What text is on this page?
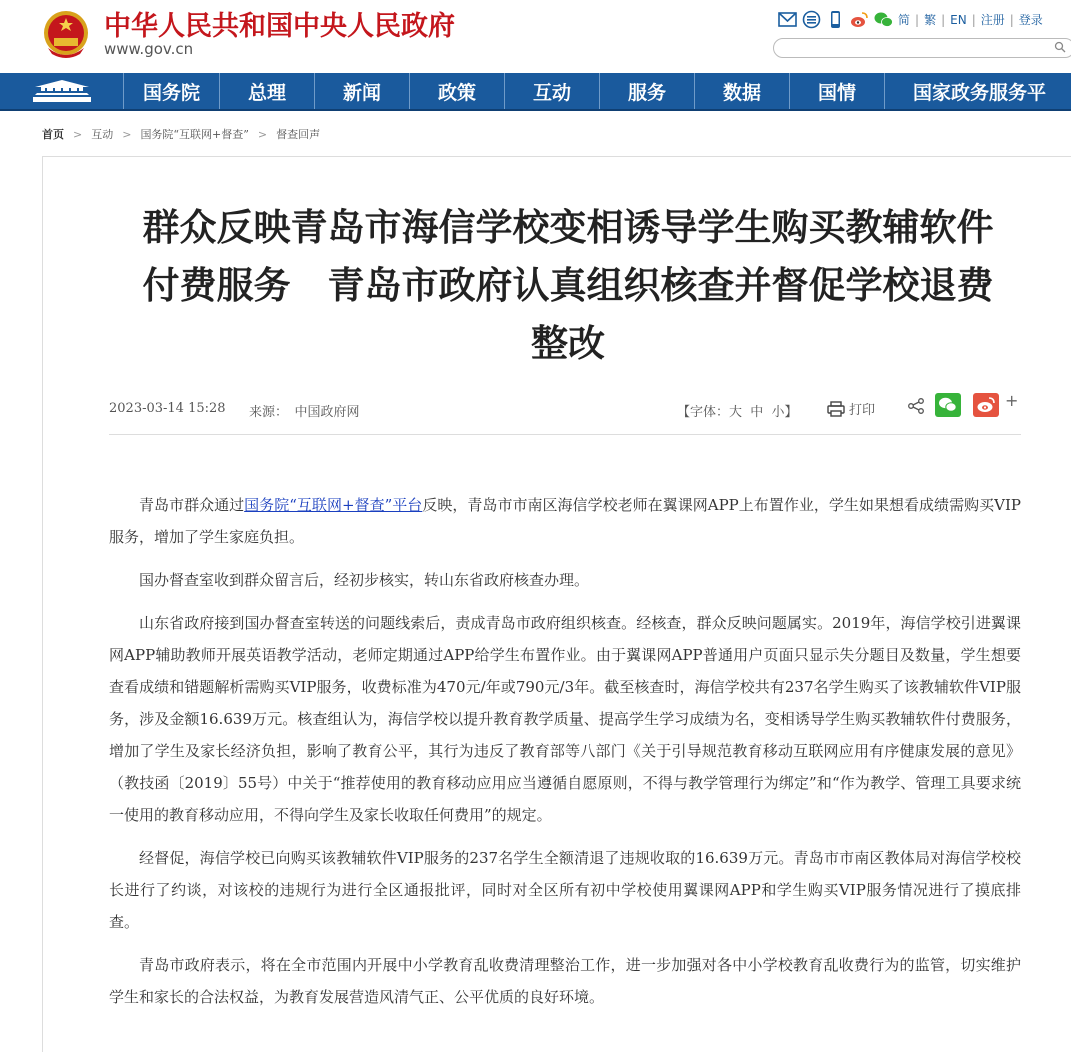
中华人民共和国中央人民政府
www.gov.cn
简 | 繁 | EN | 注册 | 登录
国务院	总理	新闻	政策	互动	服务	数据	国情	国家政务服务平
首页 > 互动 > 国务院“互联网+督查” > 督查回声
群众反映青岛市海信学校变相诱导学生购买教辅软件
付费服务　青岛市政府认真组织核查并督促学校退费
整改
2023-03-14 15:28 来源：　中国政府网	【字体：大  中  小】	打印
+

青岛市群众通过国务院“互联网+督查”平台反映，青岛市市南区海信学校老师在翼课网APP上布置作业，学生如果想看成绩需购买VIP服务，增加了学生家庭负担。

国办督查室收到群众留言后，经初步核实，转山东省政府核查办理。

山东省政府接到国办督查室转送的问题线索后，责成青岛市政府组织核查。经核查，群众反映问题属实。2019年，海信学校引进翼课网APP辅助教师开展英语教学活动，老师定期通过APP给学生布置作业。由于翼课网APP普通用户页面只显示失分题目及数量，学生想要查看成绩和错题解析需购买VIP服务，收费标准为470元/年或790元/3年。截至核查时，海信学校共有237名学生购买了该教辅软件VIP服务，涉及金额16.639万元。核查组认为，海信学校以提升教育教学质量、提高学生学习成绩为名，变相诱导学生购买教辅软件付费服务，增加了学生及家长经济负担，影响了教育公平，其行为违反了教育部等八部门《关于引导规范教育移动互联网应用有序健康发展的意见》（教技函〔2019〕55号）中关于“推荐使用的教育移动应用应当遵循自愿原则，不得与教学管理行为绑定”和“作为教学、管理工具要求统一使用的教育移动应用，不得向学生及家长收取任何费用”的规定。

经督促，海信学校已向购买该教辅软件VIP服务的237名学生全额清退了违规收取的16.639万元。青岛市市南区教体局对海信学校校长进行了约谈，对该校的违规行为进行全区通报批评，同时对全区所有初中学校使用翼课网APP和学生购买VIP服务情况进行了摸底排查。

青岛市政府表示，将在全市范围内开展中小学教育乱收费清理整治工作，进一步加强对各中小学校教育乱收费行为的监管，切实维护学生和家长的合法权益，为教育发展营造风清气正、公平优质的良好环境。
